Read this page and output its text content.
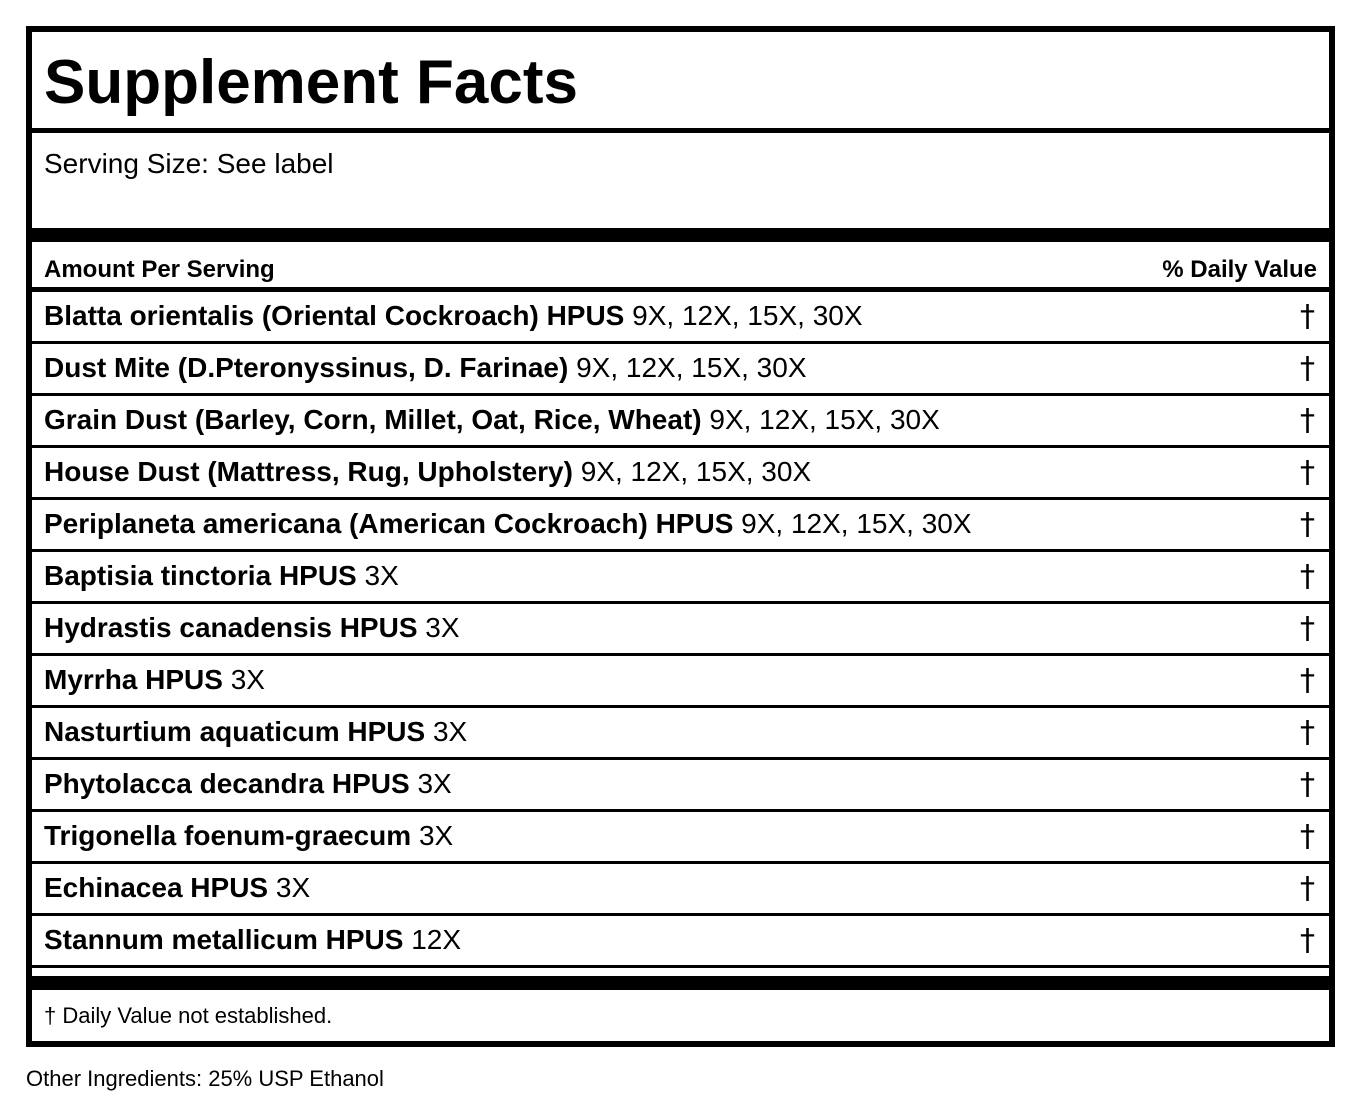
Supplement Facts
Serving Size: See label
Amount Per Serving	% Daily Value
Blatta orientalis (Oriental Cockroach) HPUS 9X, 12X, 15X, 30X	†
Dust Mite (D.Pteronyssinus, D. Farinae) 9X, 12X, 15X, 30X	†
Grain Dust (Barley, Corn, Millet, Oat, Rice, Wheat) 9X, 12X, 15X, 30X	†
House Dust (Mattress, Rug, Upholstery) 9X, 12X, 15X, 30X	†
Periplaneta americana (American Cockroach) HPUS 9X, 12X, 15X, 30X	†
Baptisia tinctoria HPUS 3X	†
Hydrastis canadensis HPUS 3X	†
Myrrha HPUS 3X	†
Nasturtium aquaticum HPUS 3X	†
Phytolacca decandra HPUS 3X	†
Trigonella foenum-graecum 3X	†
Echinacea HPUS 3X	†
Stannum metallicum HPUS 12X	†
† Daily Value not established.
Other Ingredients: 25% USP Ethanol
